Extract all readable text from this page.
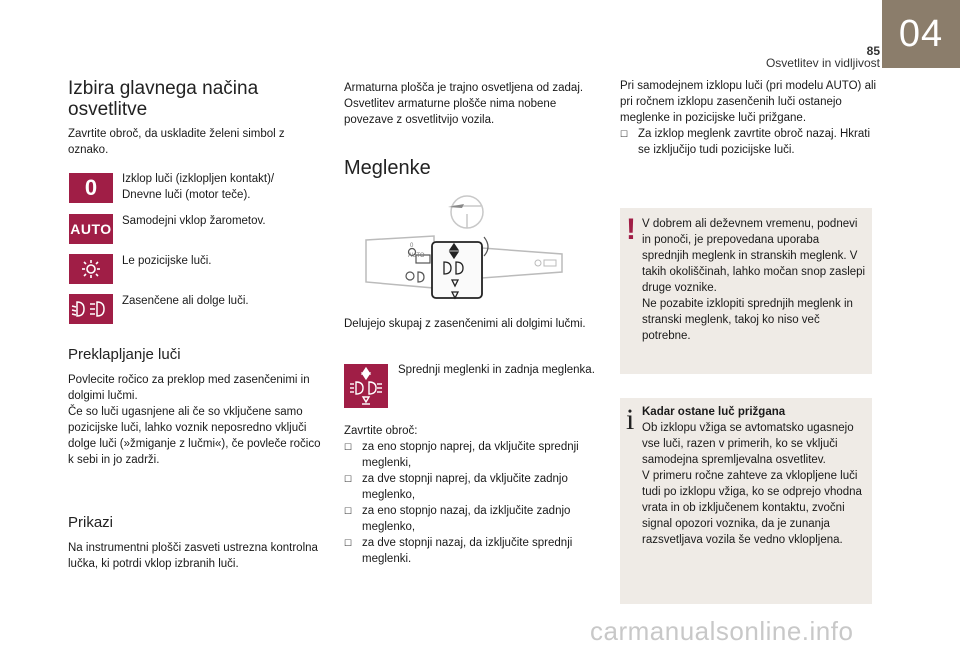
04
85
Osvetlitev in vidljivost
Izbira glavnega načina osvetlitve
Zavrtite obroč, da uskladite želeni simbol z oznako.
0 Izklop luči (izklopljen kontakt)/ Dnevne luči (motor teče).
AUTO Samodejni vklop žarometov.
Le pozicijske luči.
Zasenčene ali dolge luči.
Preklapljanje luči
Povlecite ročico za preklop med zasenčenimi in dolgimi lučmi.
Če so luči ugasnjene ali če so vključene samo pozicijske luči, lahko voznik neposredno vključi dolge luči (»žmiganje z lučmi«), če povleče ročico k sebi in jo zadrži.
Prikazi
Na instrumentni plošči zasveti ustrezna kontrolna lučka, ki potrdi vklop izbranih luči.
Armaturna plošča je trajno osvetljena od zadaj. Osvetlitev armaturne plošče nima nobene povezave z osvetlitvijo vozila.
Meglenke
AUTO
0
Delujejo skupaj z zasenčenimi ali dolgimi lučmi.
Sprednji meglenki in zadnja meglenka.
Zavrtite obroč:
☐ za eno stopnjo naprej, da vključite sprednji meglenki,
☐ za dve stopnji naprej, da vključite zadnjo meglenko,
☐ za eno stopnjo nazaj, da izključite zadnjo meglenko,
☐ za dve stopnji nazaj, da izključite sprednji meglenki.
Pri samodejnem izklopu luči (pri modelu AUTO) ali pri ročnem izklopu zasenčenih luči ostanejo meglenke in pozicijske luči prižgane.
☐ Za izklop meglenk zavrtite obroč nazaj. Hkrati se izključijo tudi pozicijske luči.
! V dobrem ali deževnem vremenu, podnevi in ponoči, je prepovedana uporaba sprednjih meglenk in stranskih meglenk. V takih okoliščinah, lahko močan snop zaslepi druge voznike.
Ne pozabite izklopiti sprednjih meglenk in stranski meglenk, takoj ko niso več potrebne.
i Kadar ostane luč prižgana
Ob izklopu vžiga se avtomatsko ugasnejo vse luči, razen v primerih, ko se vključi samodejna spremljevalna osvetlitev.
V primeru ročne zahteve za vklopljene luči tudi po izklopu vžiga, ko se odprejo vhodna vrata in ob izključenem kontaktu, zvočni signal opozori voznika, da je zunanja razsvetljava vozila še vedno vklopljena.
carmanualsonline.info
